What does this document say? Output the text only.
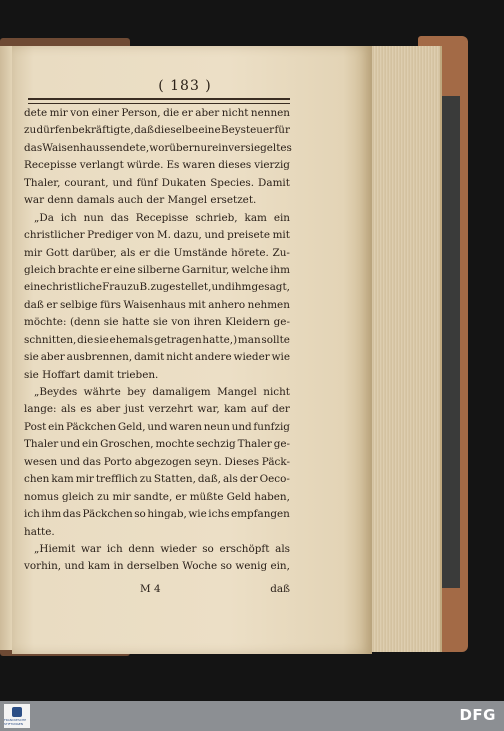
( 183 )
dete mir von einer Person, die er aber nicht nennen
zu dürfen bekräftigte, daß dieselbe eine Beysteuer für
das Waisenhaus sendete, worüber nur ein versiegeltes
Recepisse verlangt würde. Es waren dieses vierzig
Thaler, courant, und fünf Dukaten Species. Damit
war denn damals auch der Mangel ersetzet.
„Da ich nun das Recepisse schrieb, kam ein
christlicher Prediger von M. dazu, und preisete mit
mir Gott darüber, als er die Umstände hörete. Zu-
gleich brachte er eine silberne Garnitur, welche ihm
eine christliche Frau zu B. zugestellet, und ihm gesagt,
daß er selbige fürs Waisenhaus mit anhero nehmen
möchte: (denn sie hatte sie von ihren Kleidern ge-
schnitten, die sie ehemals getragen hatte,) man sollte
sie aber ausbrennen, damit nicht andere wieder wie
sie Hoffart damit trieben.
„Beydes währte bey damaligem Mangel nicht
lange: als es aber just verzehrt war, kam auf der
Post ein Päckchen Geld, und waren neun und funfzig
Thaler und ein Groschen, mochte sechzig Thaler ge-
wesen und das Porto abgezogen seyn. Dieses Päck-
chen kam mir trefflich zu Statten, daß, als der Oeco-
nomus gleich zu mir sandte, er müßte Geld haben,
ich ihm das Päckchen so hingab, wie ichs empfangen
hatte.
„Hiemit war ich denn wieder so erschöpft als
vorhin, und kam in derselben Woche so wenig ein,
M 4	daß
FRANCKESCHE STIFTUNGEN	DFG
